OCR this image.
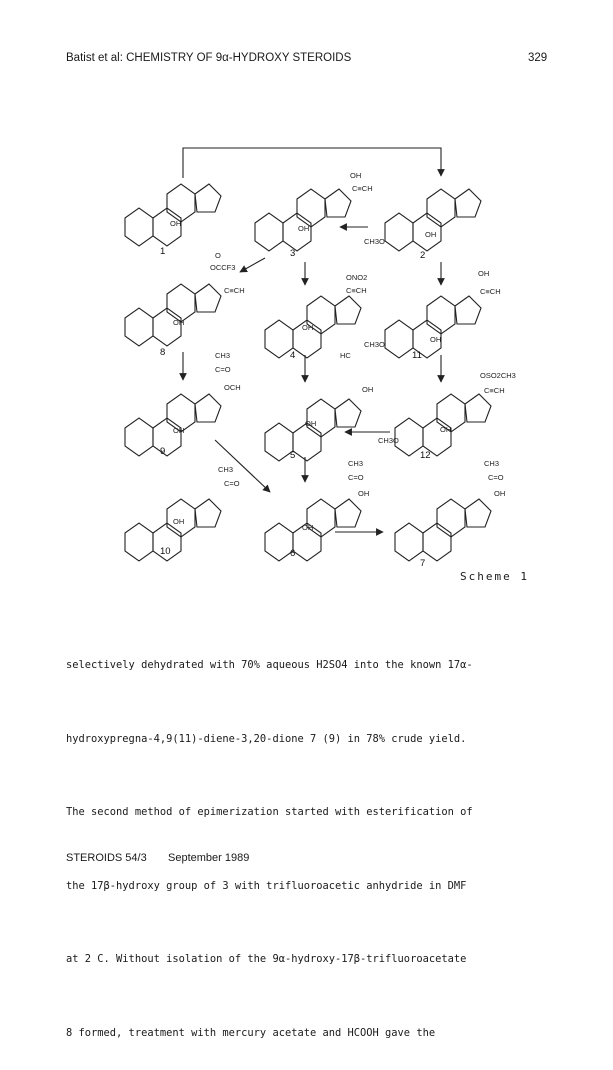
Batist et al: CHEMISTRY OF 9α-HYDROXY STEROIDS	329
OH
OH
C≡CH
OH
CH3O
OH
O
OCCF3
C≡CH
OH
ONO2
C≡CH
OH
OH
C≡CH
CH3O
OH
CH3
C=O
OCH
OH
HC
OH
OH
OSO2CH3
C≡CH
CH3O
OH
CH3
C=O
OH
CH3
C=O
OH
OH
CH3
C=O
OH
1	3	2
8	4	11
9	5	12
10	6
7
Scheme 1

selectively dehydrated with 70% aqueous H2SO4 into the known 17α-

hydroxypregna-4,9(11)-diene-3,20-dione 7 (9) in 78% crude yield.

The second method of epimerization started with esterification of

the 17β-hydroxy group of 3 with trifluoroacetic anhydride in DMF

at 2 C. Without isolation of the 9α-hydroxy-17β-trifluoroacetate

8 formed, treatment with mercury acetate and HCOOH gave the

STEROIDS 54/3 September 1989
